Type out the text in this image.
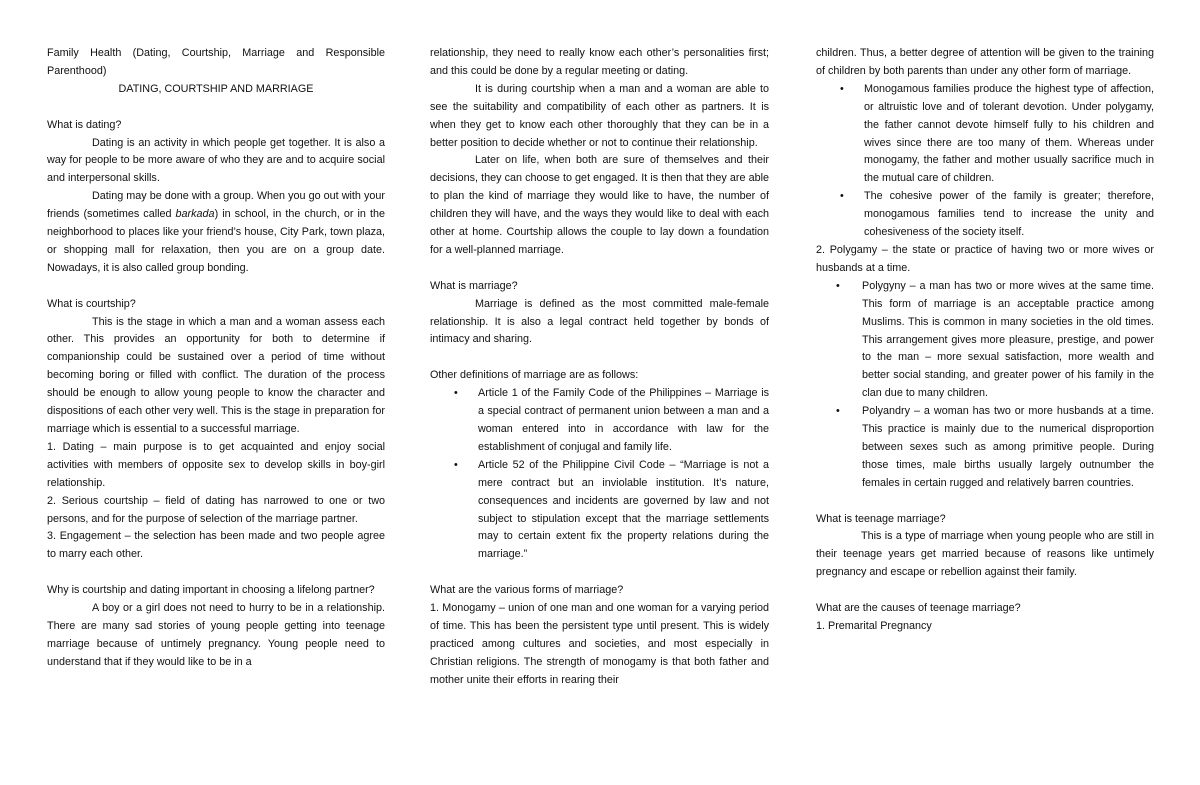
Family Health (Dating, Courtship, Marriage and Responsible Parenthood)

DATING, COURTSHIP AND MARRIAGE

What is dating?

Dating is an activity in which people get together. It is also a way for people to be more aware of who they are and to acquire social and interpersonal skills.

Dating may be done with a group. When you go out with your friends (sometimes called barkada) in school, in the church, or in the neighborhood to places like your friend’s house, City Park, town plaza, or shopping mall for relaxation, then you are on a group date. Nowadays, it is also called group bonding.

What is courtship?

This is the stage in which a man and a woman assess each other. This provides an opportunity for both to determine if companionship could be sustained over a period of time without becoming boring or filled with conflict. The duration of the process should be enough to allow young people to know the character and dispositions of each other very well. This is the stage in preparation for marriage which is essential to a successful marriage.

1. Dating – main purpose is to get acquainted and enjoy social activities with members of opposite sex to develop skills in boy-girl relationship.

2. Serious courtship – field of dating has narrowed to one or two persons, and for the purpose of selection of the marriage partner.

3. Engagement – the selection has been made and two people agree to marry each other.

Why is courtship and dating important in choosing a lifelong partner?

A boy or a girl does not need to hurry to be in a relationship. There are many sad stories of young people getting into teenage marriage because of untimely pregnancy. Young people need to understand that if they would like to be in a

relationship, they need to really know each other’s personalities first; and this could be done by a regular meeting or dating.

It is during courtship when a man and a woman are able to see the suitability and compatibility of each other as partners. It is when they get to know each other thoroughly that they can be in a better position to decide whether or not to continue their relationship.

Later on life, when both are sure of themselves and their decisions, they can choose to get engaged. It is then that they are able to plan the kind of marriage they would like to have, the number of children they will have, and the ways they would like to deal with each other at home. Courtship allows the couple to lay down a foundation for a well-planned marriage.

What is marriage?

Marriage is defined as the most committed male-female relationship. It is also a legal contract held together by bonds of intimacy and sharing.

Other definitions of marriage are as follows:

• Article 1 of the Family Code of the Philippines – Marriage is a special contract of permanent union between a man and a woman entered into in accordance with law for the establishment of conjugal and family life.
• Article 52 of the Philippine Civil Code – “Marriage is not a mere contract but an inviolable institution. It’s nature, consequences and incidents are governed by law and not subject to stipulation except that the marriage settlements may to certain extent fix the property relations during the marriage.”

What are the various forms of marriage?

1. Monogamy – union of one man and one woman for a varying period of time. This has been the persistent type until present. This is widely practiced among cultures and societies, and most especially in Christian religions. The strength of monogamy is that both father and mother unite their efforts in rearing their

children. Thus, a better degree of attention will be given to the training of children by both parents than under any other form of marriage.

• Monogamous families produce the highest type of affection, or altruistic love and of tolerant devotion. Under polygamy, the father cannot devote himself fully to his children and wives since there are too many of them. Whereas under monogamy, the father and mother usually sacrifice much in the mutual care of children.
• The cohesive power of the family is greater; therefore, monogamous families tend to increase the unity and cohesiveness of the society itself.

2. Polygamy – the state or practice of having two or more wives or husbands at a time.

• Polygyny – a man has two or more wives at the same time. This form of marriage is an acceptable practice among Muslims. This is common in many societies in the old times. This arrangement gives more pleasure, prestige, and power to the man – more sexual satisfaction, more wealth and better social standing, and greater power of his family in the clan due to many children.
• Polyandry – a woman has two or more husbands at a time. This practice is mainly due to the numerical disproportion between sexes such as among primitive people. During those times, male births usually largely outnumber the females in certain rugged and relatively barren countries.

What is teenage marriage?

This is a type of marriage when young people who are still in their teenage years get married because of reasons like untimely pregnancy and escape or rebellion against their family.

What are the causes of teenage marriage?

1. Premarital Pregnancy
